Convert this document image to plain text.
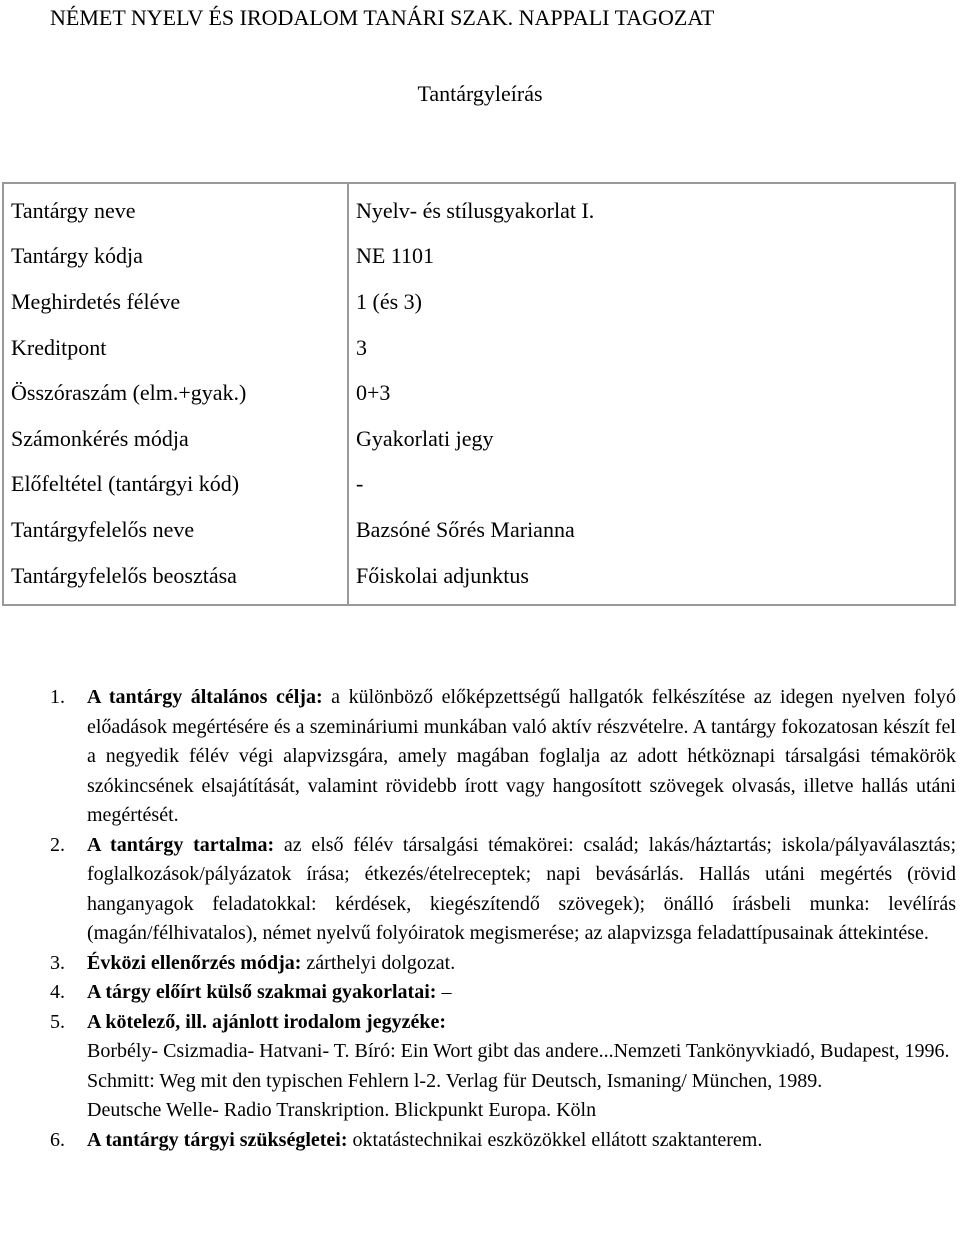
NÉMET NYELV ÉS IRODALOM TANÁRI SZAK. NAPPALI TAGOZAT
Tantárgyleírás
Tantárgy neve	Nyelv- és stílusgyakorlat I.
Tantárgy kódja	NE 1101
Meghirdetés féléve	1 (és 3)
Kreditpont	3
Összóraszám (elm.+gyak.)	0+3
Számonkérés módja	Gyakorlati jegy
Előfeltétel (tantárgyi kód)	-
Tantárgyfelelős neve	Bazsóné Sőrés Marianna
Tantárgyfelelős beosztása	Főiskolai adjunktus
1. A tantárgy általános célja: a különböző előképzettségű hallgatók felkészítése az idegen nyelven folyó előadások megértésére és a szemináriumi munkában való aktív részvételre. A tantárgy fokozatosan készít fel a negyedik félév végi alapvizsgára, amely magában foglalja az adott hétköznapi társalgási témakörök szókincsének elsajátítását, valamint rövidebb írott vagy hangosított szövegek olvasás, illetve hallás utáni megértését.
2. A tantárgy tartalma: az első félév társalgási témakörei: család; lakás/háztartás; iskola/pályaválasztás; foglalkozások/pályázatok írása; étkezés/ételreceptek; napi bevásárlás. Hallás utáni megértés (rövid hanganyagok feladatokkal: kérdések, kiegészítendő szövegek); önálló írásbeli munka: levélírás (magán/félhivatalos), német nyelvű folyóiratok megismerése; az alapvizsga feladattípusainak áttekintése.
3. Évközi ellenőrzés módja: zárthelyi dolgozat.
4. A tárgy előírt külső szakmai gyakorlatai: –
5. A kötelező, ill. ajánlott irodalom jegyzéke:
Borbély- Csizmadia- Hatvani- T. Bíró: Ein Wort gibt das andere...Nemzeti Tankönyvkiadó, Budapest, 1996.
Schmitt: Weg mit den typischen Fehlern l-2. Verlag für Deutsch, Ismaning/ München, 1989.
Deutsche Welle- Radio Transkription. Blickpunkt Europa. Köln
6. A tantárgy tárgyi szükségletei: oktatástechnikai eszközökkel ellátott szaktanterem.
